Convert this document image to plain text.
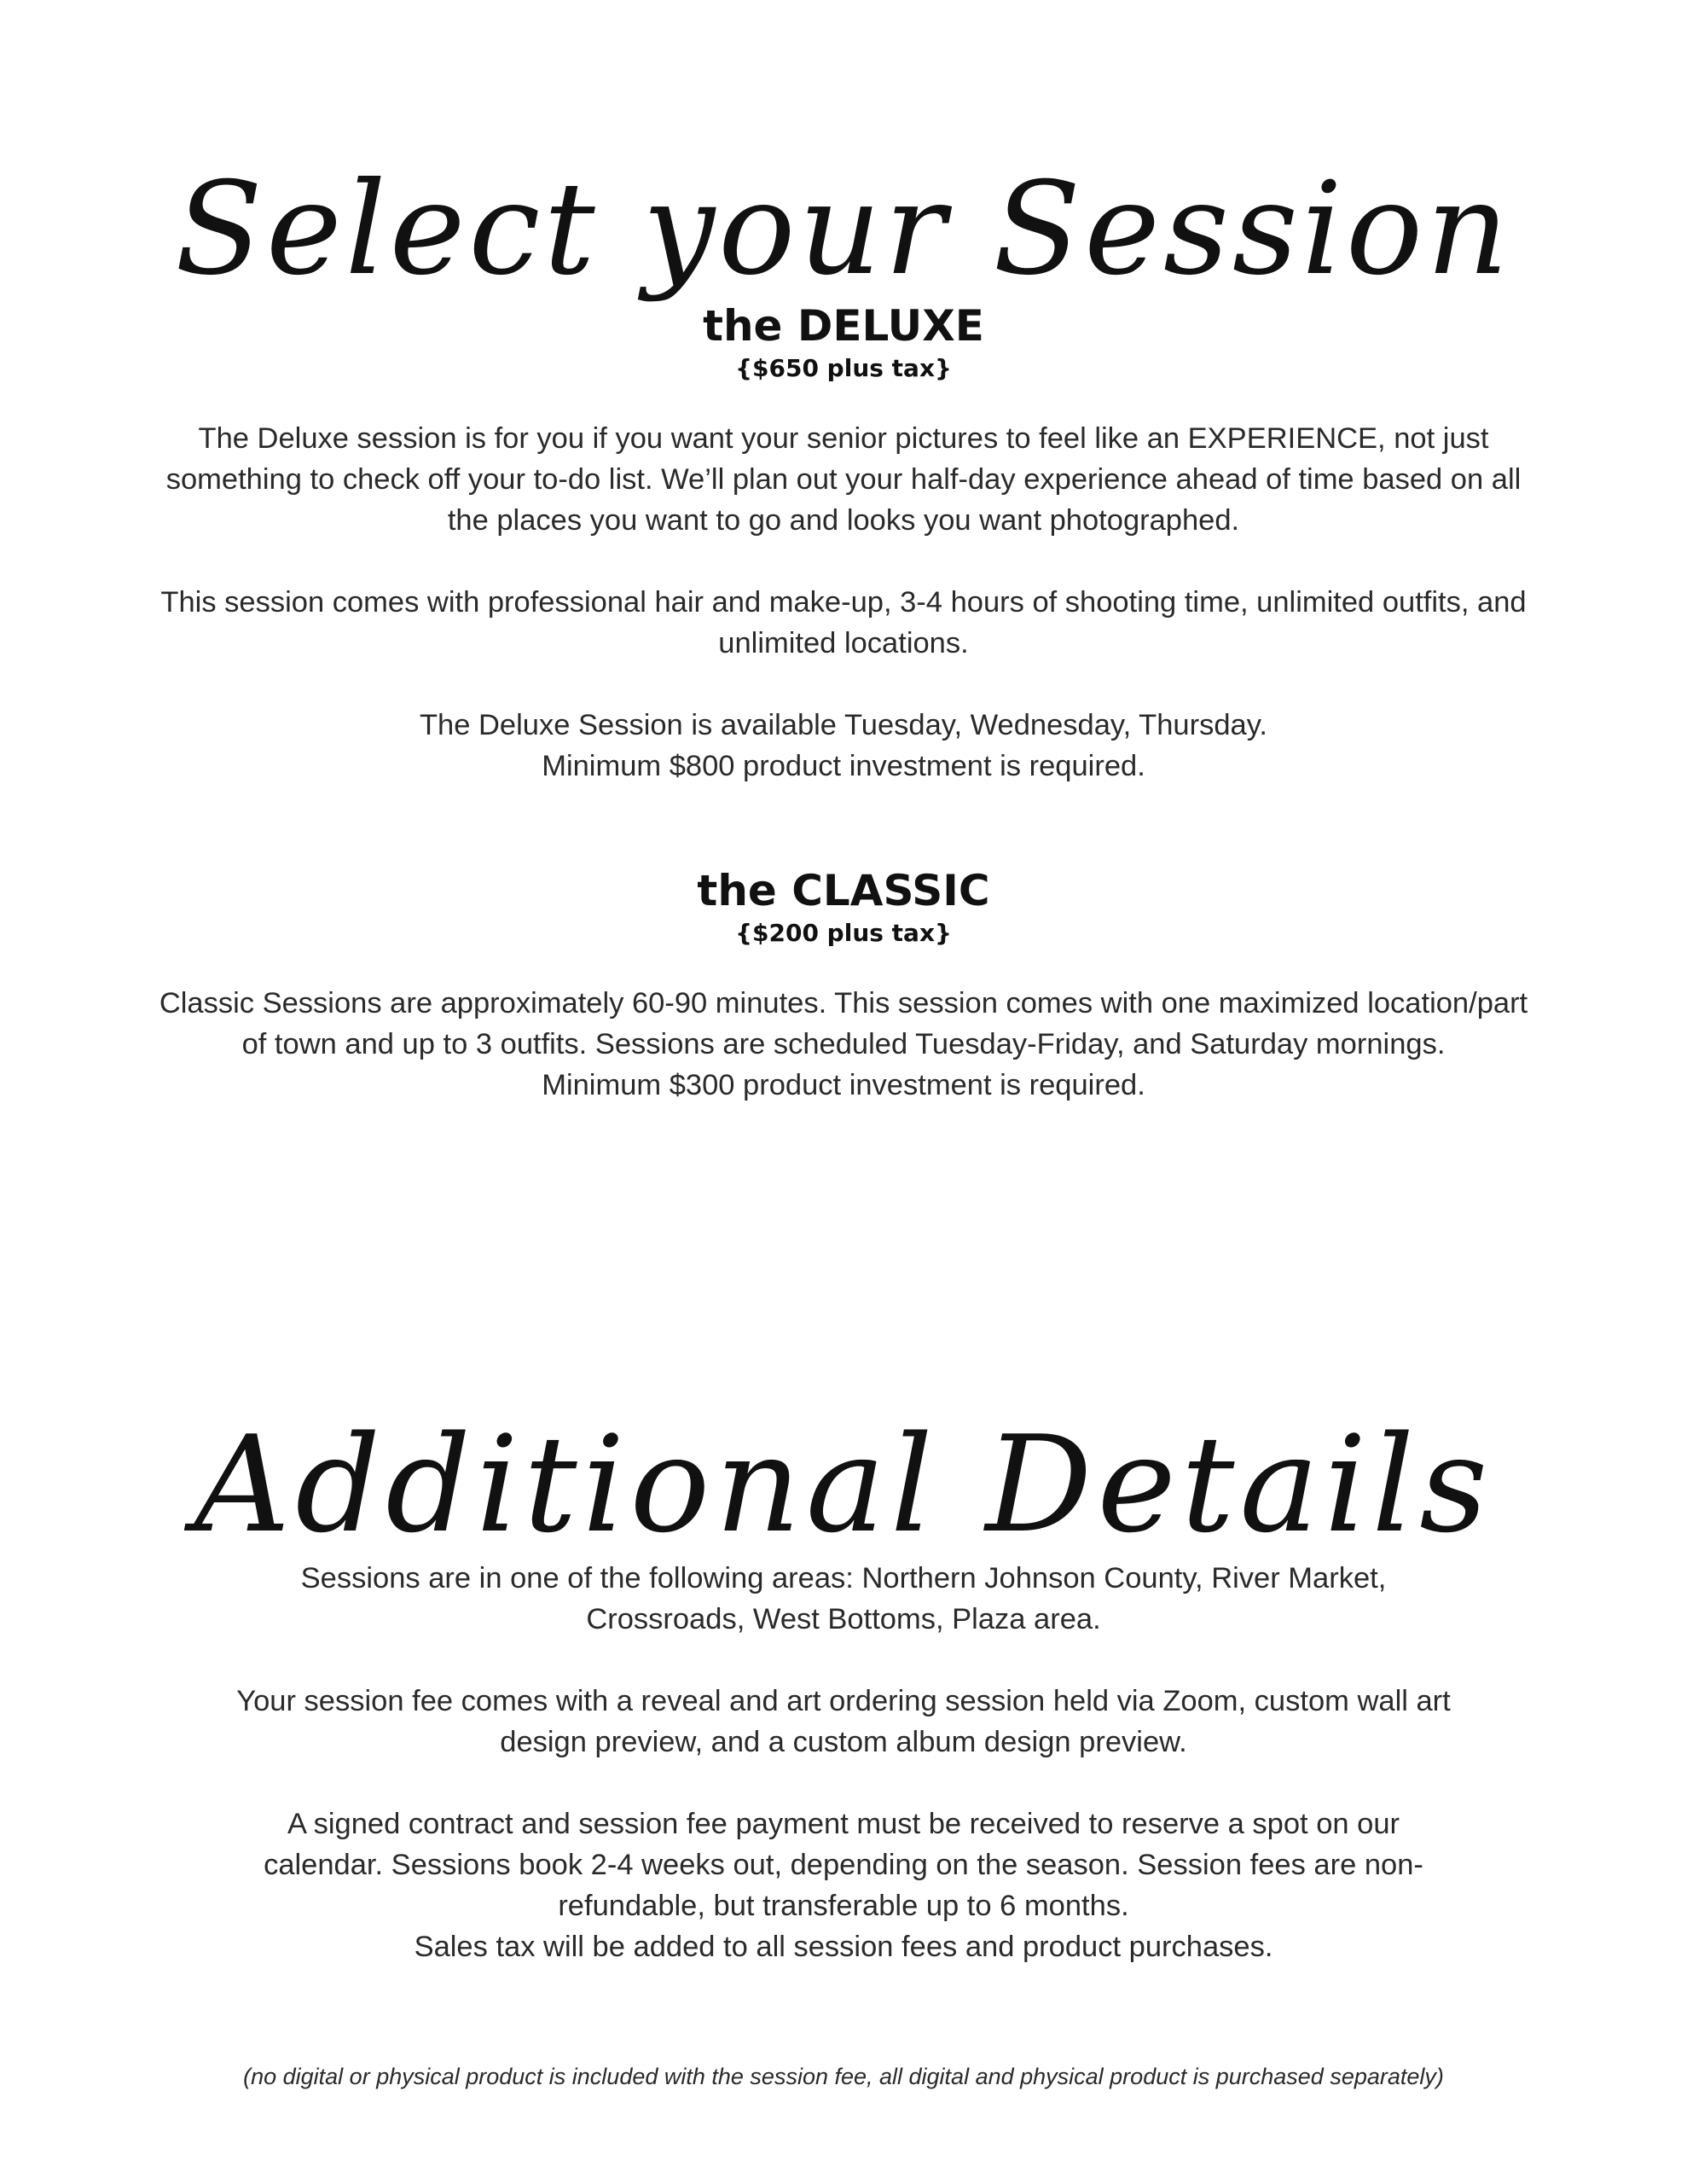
Select your Session
the DELUXE

{$650 plus tax}

The Deluxe session is for you if you want your senior pictures to feel like an EXPERIENCE, not just

something to check off your to-do list. We’ll plan out your half-day experience ahead of time based on all

the places you want to go and looks you want photographed.

This session comes with professional hair and make-up, 3-4 hours of shooting time, unlimited outfits, and

unlimited locations.

The Deluxe Session is available Tuesday, Wednesday, Thursday.

Minimum $800 product investment is required.

the CLASSIC

{$200 plus tax}

Classic Sessions are approximately 60-90 minutes. This session comes with one maximized location/part

of town and up to 3 outfits. Sessions are scheduled Tuesday-Friday, and Saturday mornings.

Minimum $300 product investment is required.

Additional Details

Sessions are in one of the following areas: Northern Johnson County, River Market,

Crossroads, West Bottoms, Plaza area.

Your session fee comes with a reveal and art ordering session held via Zoom, custom wall art

design preview, and a custom album design preview.

A signed contract and session fee payment must be received to reserve a spot on our

calendar. Sessions book 2-4 weeks out, depending on the season. Session fees are non-

refundable, but transferable up to 6 months.

Sales tax will be added to all session fees and product purchases.

(no digital or physical product is included with the session fee, all digital and physical product is purchased separately)
